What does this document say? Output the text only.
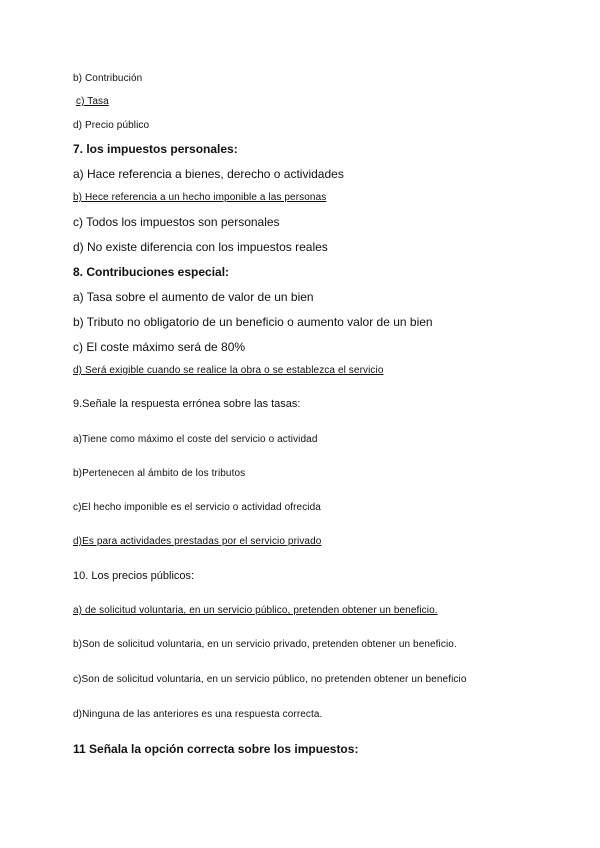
b) Contribución
c) Tasa
d) Precio público
7. los impuestos personales:
a) Hace referencia a bienes, derecho o actividades
b) Hece referencia a un hecho imponible a las personas
c) Todos los impuestos son personales
d) No existe diferencia con los impuestos reales
8. Contribuciones especial:
a) Tasa sobre el aumento de valor de un bien
b) Tributo no obligatorio de un beneficio o aumento valor de un bien
c) El coste máximo será de 80%
d) Será exigible cuando se realice la obra o se establezca el servicio
9.Señale la respuesta errónea sobre las tasas:
a)Tiene como máximo el coste del servicio o actividad
b)Pertenecen al ámbito de los tributos
c)El hecho imponible es el servicio o actividad ofrecida
d)Es para actividades prestadas por el servicio privado
10. Los precios públicos:
a) de solicitud voluntaria, en un servicio público, pretenden obtener un beneficio.
b)Son de solicitud voluntaria, en un servicio privado, pretenden obtener un beneficio.
c)Son de solicitud voluntaria, en un servicio público, no pretenden obtener un beneficio
d)Ninguna de las anteriores es una respuesta correcta.
11 Señala la opción correcta sobre los impuestos:
